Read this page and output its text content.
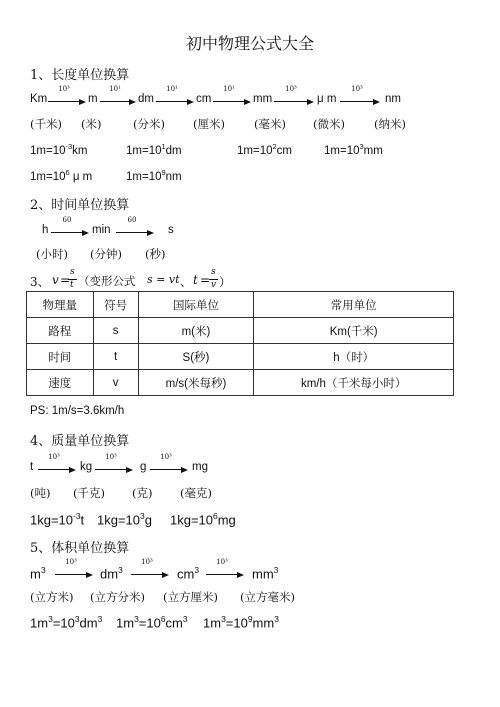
初中物理公式大全
1、长度单位换算
Km
10³
m
10¹
dm
10¹
cm
10¹
mm
10³
μ m
10³
nm
(千米) (米)	(分米) (厘米)	(毫米) (微米)	(纳米)
$1m=10^{-3}km$	$1m=10^1dm$	$1m=10^2cm$	$1m=10^3mm$
$1m=10^6$ μ m	$1m=10^9nm$
2、时间单位换算
h
60
min
60
s
(小时) (分钟) (秒)
3、 v =
s
t （变形公式 s = vt 、 t =
s
v ）
物理量	符号	国际单位	常用单位
路程	s	m(米)	Km(千米)
时间	t	S(秒)	h（时）
速度	v	m/s(米每秒)	km/h（千米每小时）
PS: 1m/s=3.6km/h
4、质量单位换算
t
10³
kg
10³
g
10³
mg
(吨) (千克) (克) (毫克)
$1kg=10^{-3}t$ $1kg=10^3g$ $1kg=10^6mg$
5、体积单位换算
$m^3$
10³
$dm^3$
10³
$cm^3$
10³
$mm^3$
(立方米) (立方分米) (立方厘米) (立方毫米)
$1m^3=10^3dm^3$ $1m^3=10^6cm^3$ $1m^3=10^9mm^3$
